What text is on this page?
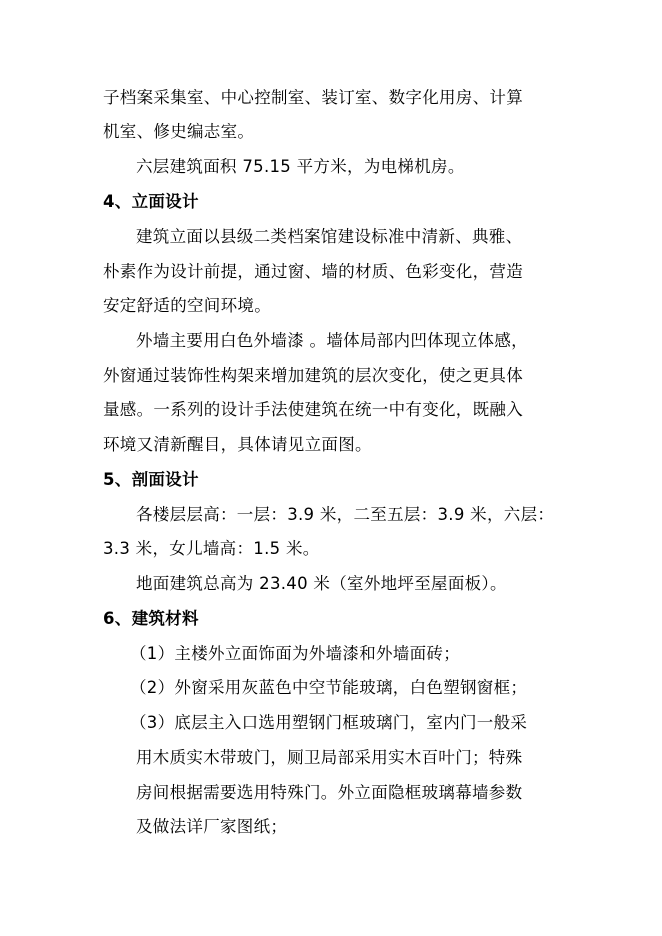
子档案采集室、中心控制室、装订室、数字化用房、计算
机室、修史编志室。
六层建筑面积 75.15 平方米，为电梯机房。
4、立面设计
建筑立面以县级二类档案馆建设标准中清新、典雅、
朴素作为设计前提，通过窗、墙的材质、色彩变化，营造
安定舒适的空间环境。
外墙主要用白色外墙漆 。墙体局部内凹体现立体感，
外窗通过装饰性构架来增加建筑的层次变化，使之更具体
量感。一系列的设计手法使建筑在统一中有变化，既融入
环境又清新醒目，具体请见立面图。
5、剖面设计
各楼层层高：一层：3.9 米，二至五层：3.9 米，六层：
3.3 米，女儿墙高：1.5 米。
地面建筑总高为 23.40 米（室外地坪至屋面板）。
6、建筑材料
（1）主楼外立面饰面为外墙漆和外墙面砖；
（2）外窗采用灰蓝色中空节能玻璃，白色塑钢窗框；
（3）底层主入口选用塑钢门框玻璃门，室内门一般采
用木质实木带玻门，厕卫局部采用实木百叶门；特殊
房间根据需要选用特殊门。外立面隐框玻璃幕墙参数
及做法详厂家图纸；
